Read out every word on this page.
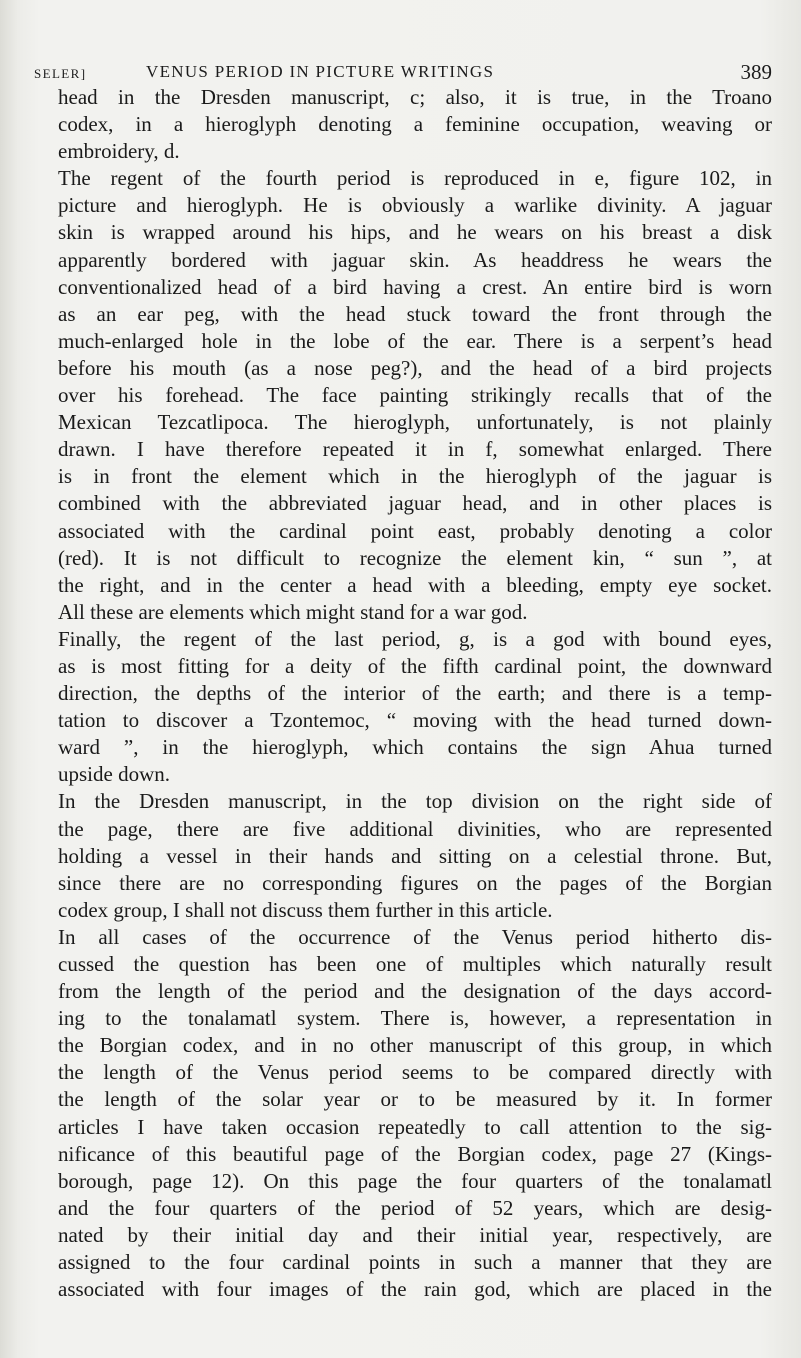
SELER]	VENUS PERIOD IN PICTURE WRITINGS	389

head in the Dresden manuscript, c; also, it is true, in the Troano

codex, in a hieroglyph denoting a feminine occupation, weaving or

embroidery, d.

The regent of the fourth period is reproduced in e, figure 102, in

picture and hieroglyph. He is obviously a warlike divinity. A jaguar

skin is wrapped around his hips, and he wears on his breast a disk

apparently bordered with jaguar skin. As headdress he wears the

conventionalized head of a bird having a crest. An entire bird is worn

as an ear peg, with the head stuck toward the front through the

much-enlarged hole in the lobe of the ear. There is a serpent’s head

before his mouth (as a nose peg?), and the head of a bird projects

over his forehead. The face painting strikingly recalls that of the

Mexican Tezcatlipoca. The hieroglyph, unfortunately, is not plainly

drawn. I have therefore repeated it in f, somewhat enlarged. There

is in front the element which in the hieroglyph of the jaguar is

combined with the abbreviated jaguar head, and in other places is

associated with the cardinal point east, probably denoting a color

(red). It is not difficult to recognize the element kin, “ sun ”, at

the right, and in the center a head with a bleeding, empty eye socket.

All these are elements which might stand for a war god.

Finally, the regent of the last period, g, is a god with bound eyes,

as is most fitting for a deity of the fifth cardinal point, the downward

direction, the depths of the interior of the earth; and there is a temp-

tation to discover a Tzontemoc, “ moving with the head turned down-

ward ”, in the hieroglyph, which contains the sign Ahua turned

upside down.

In the Dresden manuscript, in the top division on the right side of

the page, there are five additional divinities, who are represented

holding a vessel in their hands and sitting on a celestial throne. But,

since there are no corresponding figures on the pages of the Borgian

codex group, I shall not discuss them further in this article.

In all cases of the occurrence of the Venus period hitherto dis-

cussed the question has been one of multiples which naturally result

from the length of the period and the designation of the days accord-

ing to the tonalamatl system. There is, however, a representation in

the Borgian codex, and in no other manuscript of this group, in which

the length of the Venus period seems to be compared directly with

the length of the solar year or to be measured by it. In former

articles I have taken occasion repeatedly to call attention to the sig-

nificance of this beautiful page of the Borgian codex, page 27 (Kings-

borough, page 12). On this page the four quarters of the tonalamatl

and the four quarters of the period of 52 years, which are desig-

nated by their initial day and their initial year, respectively, are

assigned to the four cardinal points in such a manner that they are

associated with four images of the rain god, which are placed in the
